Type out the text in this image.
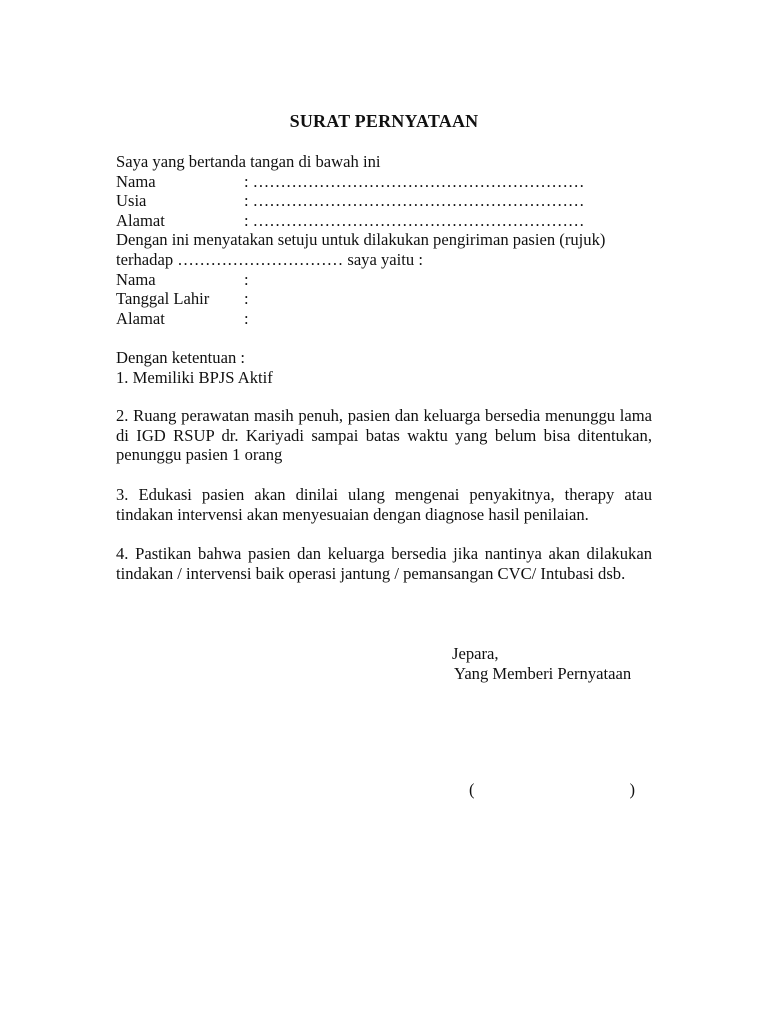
SURAT PERNYATAAN
Saya yang bertanda tangan di bawah ini
Nama	: ……………………………………………………
Usia	: ……………………………………………………
Alamat	: ……………………………………………………
Dengan ini menyatakan setuju untuk dilakukan pengiriman pasien (rujuk)
terhadap ………………………… saya yaitu :
Nama	:
Tanggal Lahir	:
Alamat	:
Dengan ketentuan :
1. Memiliki BPJS Aktif
2. Ruang perawatan masih penuh, pasien dan keluarga bersedia menunggu lama di IGD RSUP dr. Kariyadi sampai batas waktu yang belum bisa ditentukan, penunggu pasien 1 orang
3. Edukasi pasien akan dinilai ulang mengenai penyakitnya, therapy atau tindakan intervensi akan menyesuaian dengan diagnose hasil penilaian.
4. Pastikan bahwa pasien dan keluarga bersedia jika nantinya akan dilakukan tindakan / intervensi baik operasi jantung / pemansangan CVC/ Intubasi dsb.
Jepara,
Yang Memberi Pernyataan
(	)
